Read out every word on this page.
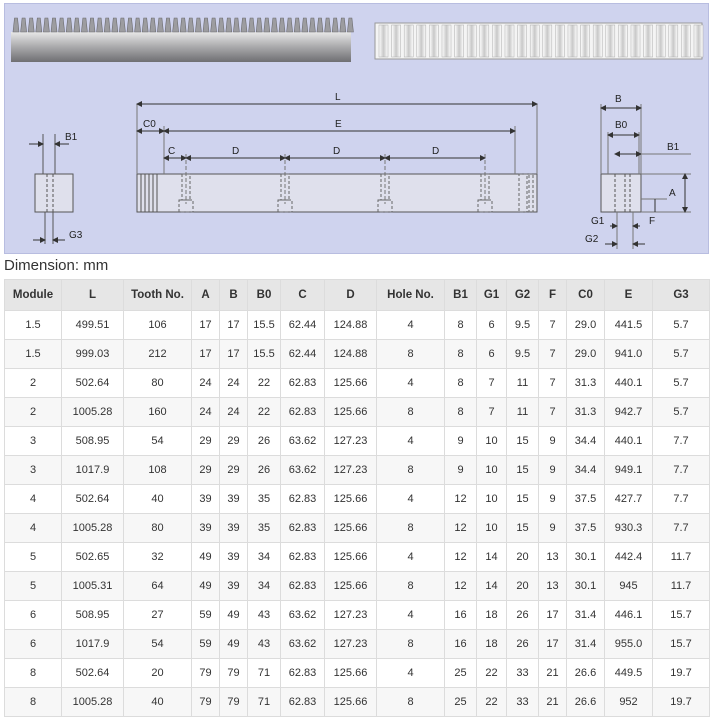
L
E
C0
C	D	D	D
B1
G3
B
B0
B1
A
F
G1
G2
Dimension: mm
Module	L	Tooth No.	A	B	B0	C	D	Hole No.	B1	G1	G2	F	C0	E	G3
1.5	499.51	106	17	17	15.5	62.44	124.88	4	8	6	9.5	7	29.0	441.5	5.7
1.5	999.03	212	17	17	15.5	62.44	124.88	8	8	6	9.5	7	29.0	941.0	5.7
2	502.64	80	24	24	22	62.83	125.66	4	8	7	11	7	31.3	440.1	5.7
2	1005.28	160	24	24	22	62.83	125.66	8	8	7	11	7	31.3	942.7	5.7
3	508.95	54	29	29	26	63.62	127.23	4	9	10	15	9	34.4	440.1	7.7
3	1017.9	108	29	29	26	63.62	127.23	8	9	10	15	9	34.4	949.1	7.7
4	502.64	40	39	39	35	62.83	125.66	4	12	10	15	9	37.5	427.7	7.7
4	1005.28	80	39	39	35	62.83	125.66	8	12	10	15	9	37.5	930.3	7.7
5	502.65	32	49	39	34	62.83	125.66	4	12	14	20	13	30.1	442.4	11.7
5	1005.31	64	49	39	34	62.83	125.66	8	12	14	20	13	30.1	945	11.7
6	508.95	27	59	49	43	63.62	127.23	4	16	18	26	17	31.4	446.1	15.7
6	1017.9	54	59	49	43	63.62	127.23	8	16	18	26	17	31.4	955.0	15.7
8	502.64	20	79	79	71	62.83	125.66	4	25	22	33	21	26.6	449.5	19.7
8	1005.28	40	79	79	71	62.83	125.66	8	25	22	33	21	26.6	952	19.7
